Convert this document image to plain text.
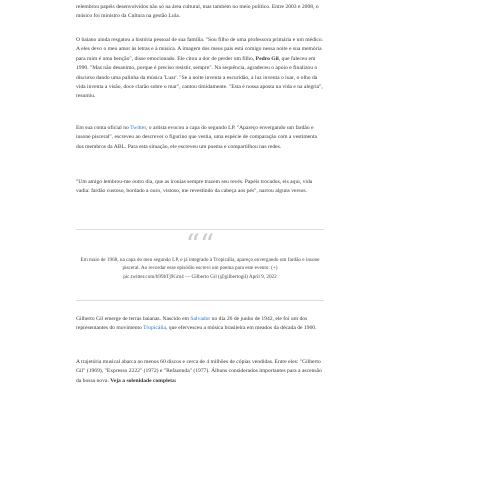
relembrou papéis desenvolvidos não só na área cultural, mas também no meio político. Entre 2003 e 2008, o músico foi ministro da Cultura na gestão Lula.

O baiano ainda resgatou a história pessoal de sua família. "Sou filho de uma professora primária e um médico. A eles devo o meu amor às letras e à música. A imagem dos meus pais está comigo nessa noite e sua memória para mim é uma benção", disse emocionado. Ele citou a dor de perder um filho, Pedro Gil, que faleceu em 1990. "Mas não desanimo, porque é preciso resistir, sempre". Na sequência, agradeceu o apoio e finalizou o discurso dando uma palinha da música 'Luar'. "Se a noite inventa a escuridão, a luz inventa o luar, o olho da vida inventa a visão, doce clarão sobre o mar", cantou timidamente. "Esta é nossa aposta na vida e na alegria", resumiu.

Em sua conta oficial no Twitter, o artista evocou a capa do segundo LP. "Apareço envergando um fardão e insone pisceral", escreveu ao descrever o figurino que vestia, uma espécie de comparação com a vestimenta dos membros da ABL. Para esta situação, ele escreveu um poema e compartilhou nas redes.

"Um amigo lembrou-me outro dia, que as ironias sempre trazem seu revés. Papéis trocados, eis aqui, vida vadia: fardão custoso, bordado a ouro, vistoso, me revestindo da cabeça aos pés", narrou alguns versos.

““
Em maio de 1968, na capa do meu segundo LP, e já integrado à Tropicália, apareço envergando um fardão e insone pisceral. Ao recordar esse episódio escrevi um poema para este evento: (+)
pic.twitter.com/b99bTj9Gm4 — Gilberto Gil (@gilbertogil) April 9, 2022

Gilberto Gil emerge de terras baianas. Nascido em Salvador no dia 26 de junho de 1942, ele foi um dos representantes do movimento Tropicália, que efervesceu a música brasileira em meados da década de 1960.

A trajetória musical abarca ao menos 60 discos e cerca de 4 milhões de cópias vendidas. Entre eles: "Gilberto Gil" (1969), "Expresso 2222" (1972) e "Refazenda" (1977). Álbuns considerados importantes para a ascensão da bossa nova. Veja a solenidade completa:
